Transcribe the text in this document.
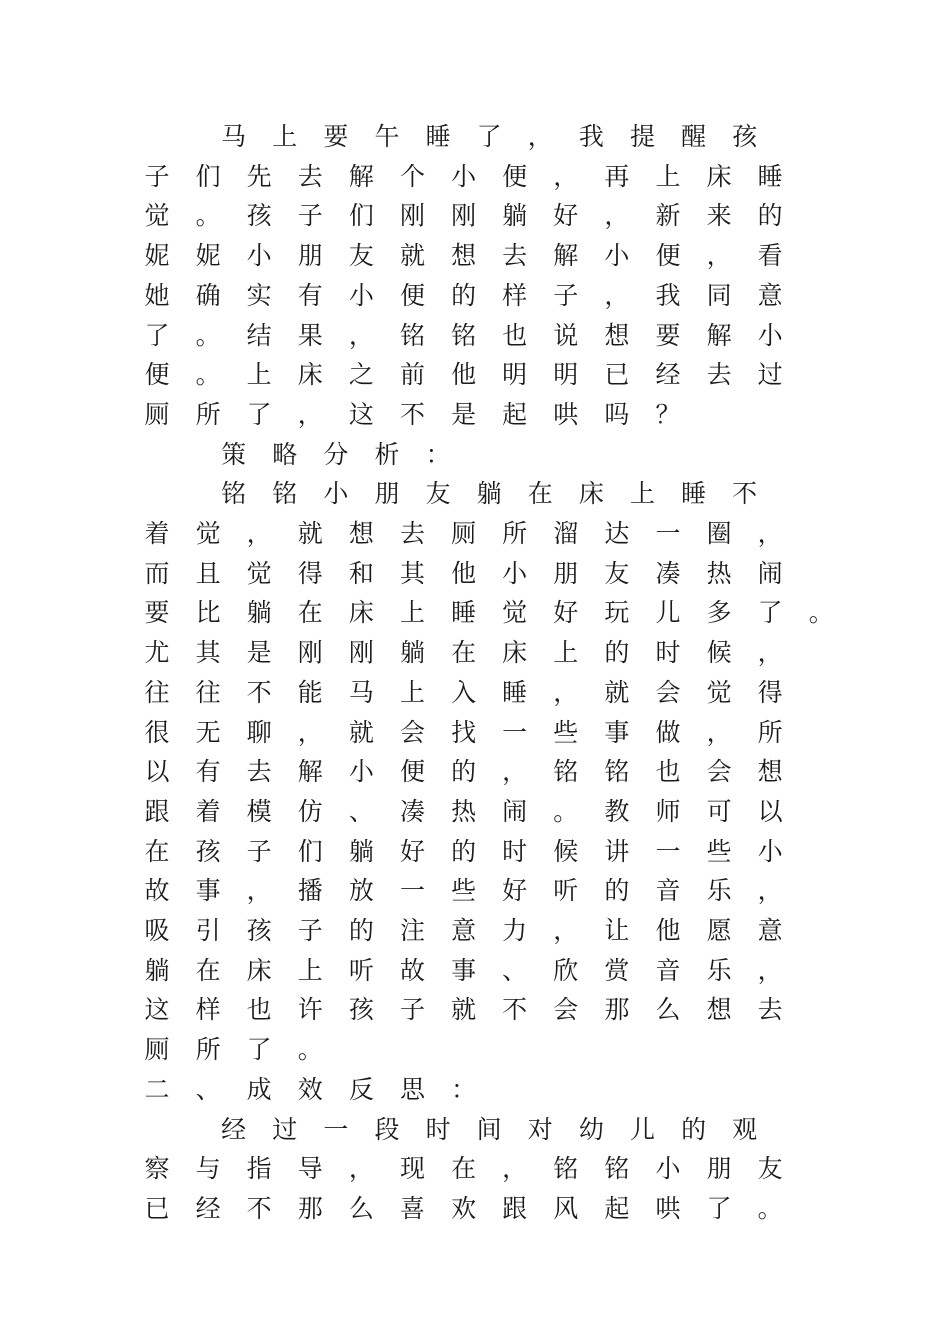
马	上	要	午	睡	了	，	我	提	醒	孩
子	们	先	去	解	个	小	便	，	再	上	床	睡
觉	。	孩	子	们	刚	刚	躺	好	，	新	来	的
妮	妮	小	朋	友	就	想	去	解	小	便	，	看
她	确	实	有	小	便	的	样	子	，	我	同	意
了	。	结	果	，	铭	铭	也	说	想	要	解	小
便	。	上	床	之	前	他	明	明	已	经	去	过
厕	所	了	，	这	不	是	起	哄	吗	？
策	略	分	析	：
铭	铭	小	朋	友	躺	在	床	上	睡	不
着	觉	，	就	想	去	厕	所	溜	达	一	圈	，
而	且	觉	得	和	其	他	小	朋	友	凑	热	闹
要	比	躺	在	床	上	睡	觉	好	玩	儿	多	了	。
尤	其	是	刚	刚	躺	在	床	上	的	时	候	，
往	往	不	能	马	上	入	睡	，	就	会	觉	得
很	无	聊	，	就	会	找	一	些	事	做	，	所
以	有	去	解	小	便	的	，	铭	铭	也	会	想
跟	着	模	仿	、	凑	热	闹	。	教	师	可	以
在	孩	子	们	躺	好	的	时	候	讲	一	些	小
故	事	，	播	放	一	些	好	听	的	音	乐	，
吸	引	孩	子	的	注	意	力	，	让	他	愿	意
躺	在	床	上	听	故	事	、	欣	赏	音	乐	，
这	样	也	许	孩	子	就	不	会	那	么	想	去
厕	所	了	。
二	、	成	效	反	思	：
经	过	一	段	时	间	对	幼	儿	的	观
察	与	指	导	，	现	在	，	铭	铭	小	朋	友
已	经	不	那	么	喜	欢	跟	风	起	哄	了	。
